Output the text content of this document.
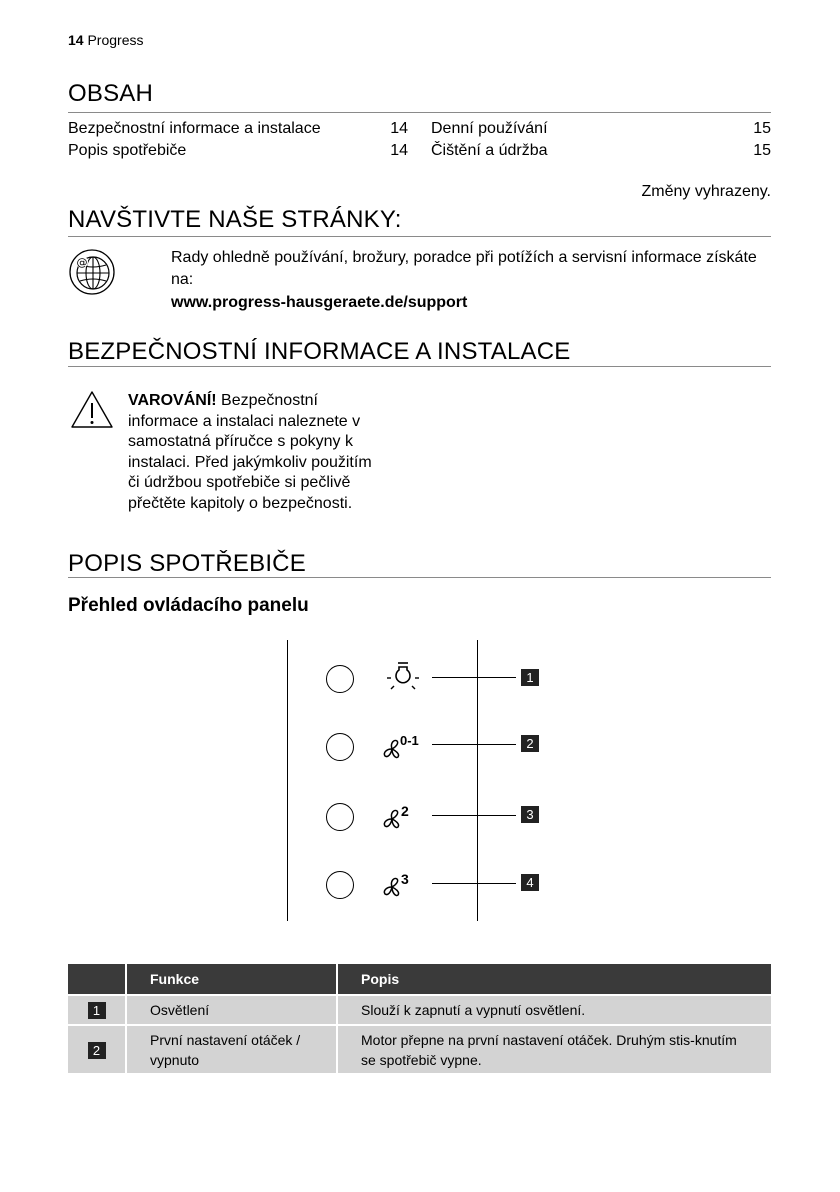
14 Progress
OBSAH
Bezpečnostní informace a instalace	14
Popis spotřebiče	14
Denní používání	15
Čištění a údržba	15
Změny vyhrazeny.
NAVŠTIVTE NAŠE STRÁNKY:
@	Rady ohledně používání, brožury, poradce při potížích a servisní informace získáte na:
www.progress-hausgeraete.de/support
BEZPEČNOSTNÍ INFORMACE A INSTALACE
VAROVÁNÍ! Bezpečnostní informace a instalaci naleznete v samostatná příručce s pokyny k instalaci. Před jakýmkoliv použitím či údržbou spotřebiče si pečlivě přečtěte kapitoly o bezpečnosti.
POPIS SPOTŘEBIČE
Přehled ovládacího panelu
1
0-1	2
2	3
3	4
	Funkce	Popis
1	Osvětlení	Slouží k zapnutí a vypnutí osvětlení.
2	První nastavení otáček / vypnuto	Motor přepne na první nastavení otáček. Druhým stis-knutím se spotřebič vypne.
